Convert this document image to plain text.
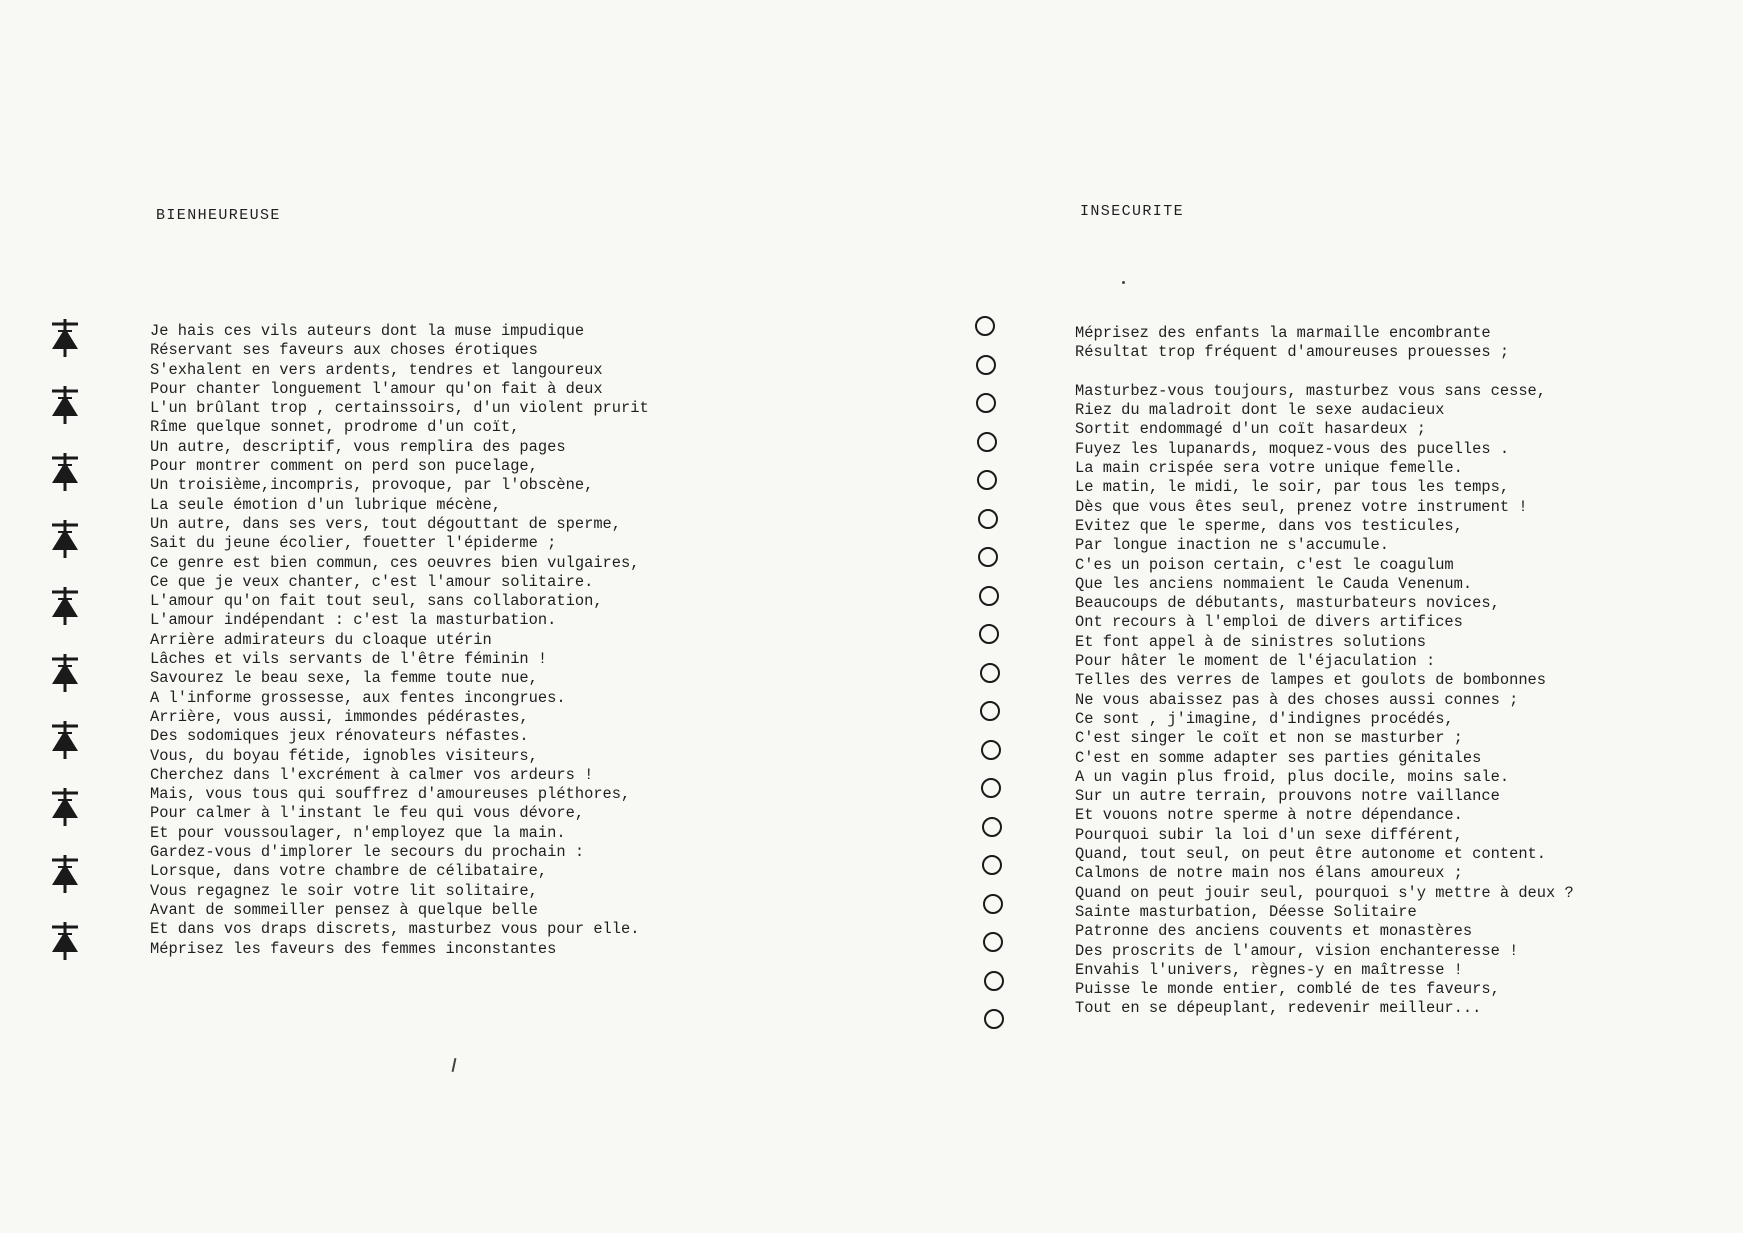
BIENHEUREUSE
Je hais ces vils auteurs dont la muse impudique
Réservant ses faveurs aux choses érotiques
S'exhalent en vers ardents, tendres et langoureux
Pour chanter longuement l'amour qu'on fait à deux
L'un brûlant trop , certainssoirs, d'un violent prurit
Rîme quelque sonnet, prodrome d'un coït,
Un autre, descriptif, vous remplira des pages
Pour montrer comment on perd son pucelage,
Un troisième,incompris, provoque, par l'obscène,
La seule émotion d'un lubrique mécène,
Un autre, dans ses vers, tout dégouttant de sperme,
Sait du jeune écolier, fouetter l'épiderme ;
Ce genre est bien commun, ces oeuvres bien vulgaires,
Ce que je veux chanter, c'est l'amour solitaire.
L'amour qu'on fait tout seul, sans collaboration,
L'amour indépendant : c'est la masturbation.
Arrière admirateurs du cloaque utérin
Lâches et vils servants de l'être féminin !
Savourez le beau sexe, la femme toute nue,
A l'informe grossesse, aux fentes incongrues.
Arrière, vous aussi, immondes pédérastes,
Des sodomiques jeux rénovateurs néfastes.
Vous, du boyau fétide, ignobles visiteurs,
Cherchez dans l'excrément à calmer vos ardeurs !
Mais, vous tous qui souffrez d'amoureuses pléthores,
Pour calmer à l'instant le feu qui vous dévore,
Et pour voussoulager, n'employez que la main.
Gardez-vous d'implorer le secours du prochain :
Lorsque, dans votre chambre de célibataire,
Vous regagnez le soir votre lit solitaire,
Avant de sommeiller pensez à quelque belle
Et dans vos draps discrets, masturbez vous pour elle.
Méprisez les faveurs des femmes inconstantes
INSECURITE
Méprisez des enfants la marmaille encombrante
Résultat trop fréquent d'amoureuses prouesses ;
Masturbez-vous toujours, masturbez vous sans cesse,
Riez du maladroit dont le sexe audacieux
Sortit endommagé d'un coït hasardeux ;
Fuyez les lupanards, moquez-vous des pucelles .
La main crispée sera votre unique femelle.
Le matin, le midi, le soir, par tous les temps,
Dès que vous êtes seul, prenez votre instrument !
Evitez que le sperme, dans vos testicules,
Par longue inaction ne s'accumule.
C'es un poison certain, c'est le coagulum
Que les anciens nommaient le Cauda Venenum.
Beaucoups de débutants, masturbateurs novices,
Ont recours à l'emploi de divers artifices
Et font appel à de sinistres solutions
Pour hâter le moment de l'éjaculation :
Telles des verres de lampes et goulots de bombonnes
Ne vous abaissez pas à des choses aussi connes ;
Ce sont , j'imagine, d'indignes procédés,
C'est singer le coït et non se masturber ;
C'est en somme adapter ses parties génitales
A un vagin plus froid, plus docile, moins sale.
Sur un autre terrain, prouvons notre vaillance
Et vouons notre sperme à notre dépendance.
Pourquoi subir la loi d'un sexe différent,
Quand, tout seul, on peut être autonome et content.
Calmons de notre main nos élans amoureux ;
Quand on peut jouir seul, pourquoi s'y mettre à deux ?
Sainte masturbation, Déesse Solitaire
Patronne des anciens couvents et monastères
Des proscrits de l'amour, vision enchanteresse !
Envahis l'univers, règnes-y en maîtresse !
Puisse le monde entier, comblé de tes faveurs,
Tout en se dépeuplant, redevenir meilleur...
